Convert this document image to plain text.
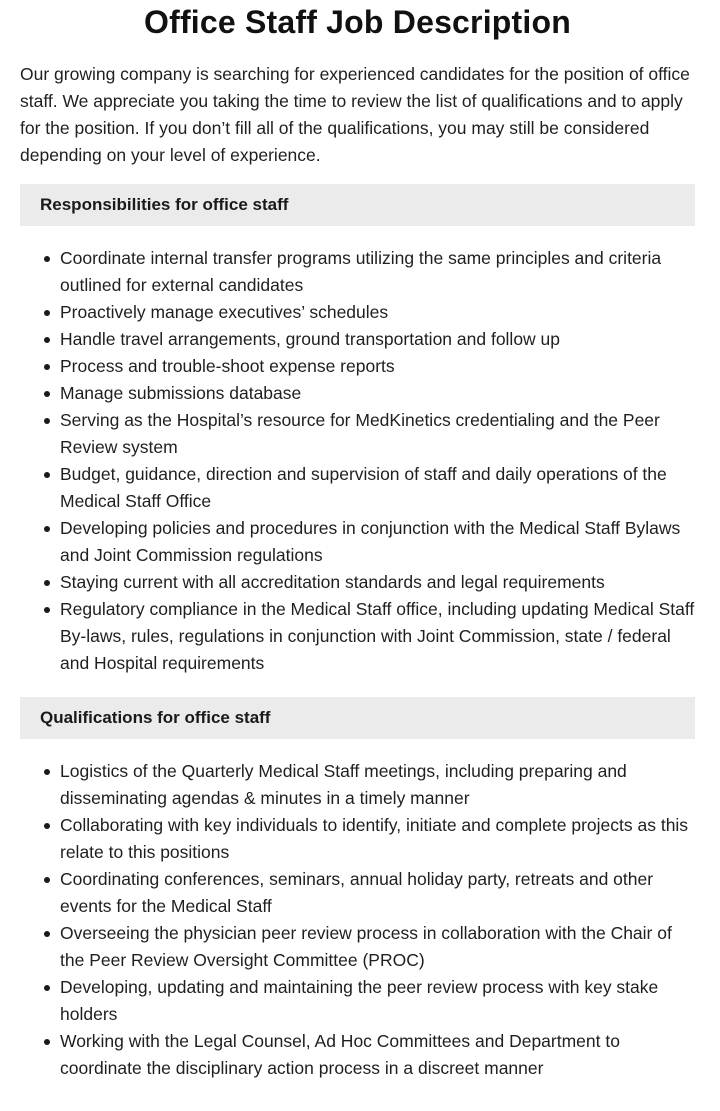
Office Staff Job Description

Our growing company is searching for experienced candidates for the position of office staff. We appreciate you taking the time to review the list of qualifications and to apply for the position. If you don’t fill all of the qualifications, you may still be considered depending on your level of experience.

Responsibilities for office staff
Coordinate internal transfer programs utilizing the same principles and criteria outlined for external candidates
Proactively manage executives’ schedules
Handle travel arrangements, ground transportation and follow up
Process and trouble-shoot expense reports
Manage submissions database
Serving as the Hospital’s resource for MedKinetics credentialing and the Peer Review system
Budget, guidance, direction and supervision of staff and daily operations of the Medical Staff Office
Developing policies and procedures in conjunction with the Medical Staff Bylaws and Joint Commission regulations
Staying current with all accreditation standards and legal requirements
Regulatory compliance in the Medical Staff office, including updating Medical Staff By-laws, rules, regulations in conjunction with Joint Commission, state / federal and Hospital requirements
Qualifications for office staff
Logistics of the Quarterly Medical Staff meetings, including preparing and disseminating agendas & minutes in a timely manner
Collaborating with key individuals to identify, initiate and complete projects as this relate to this positions
Coordinating conferences, seminars, annual holiday party, retreats and other events for the Medical Staff
Overseeing the physician peer review process in collaboration with the Chair of the Peer Review Oversight Committee (PROC)
Developing, updating and maintaining the peer review process with key stake holders
Working with the Legal Counsel, Ad Hoc Committees and Department to coordinate the disciplinary action process in a discreet manner
